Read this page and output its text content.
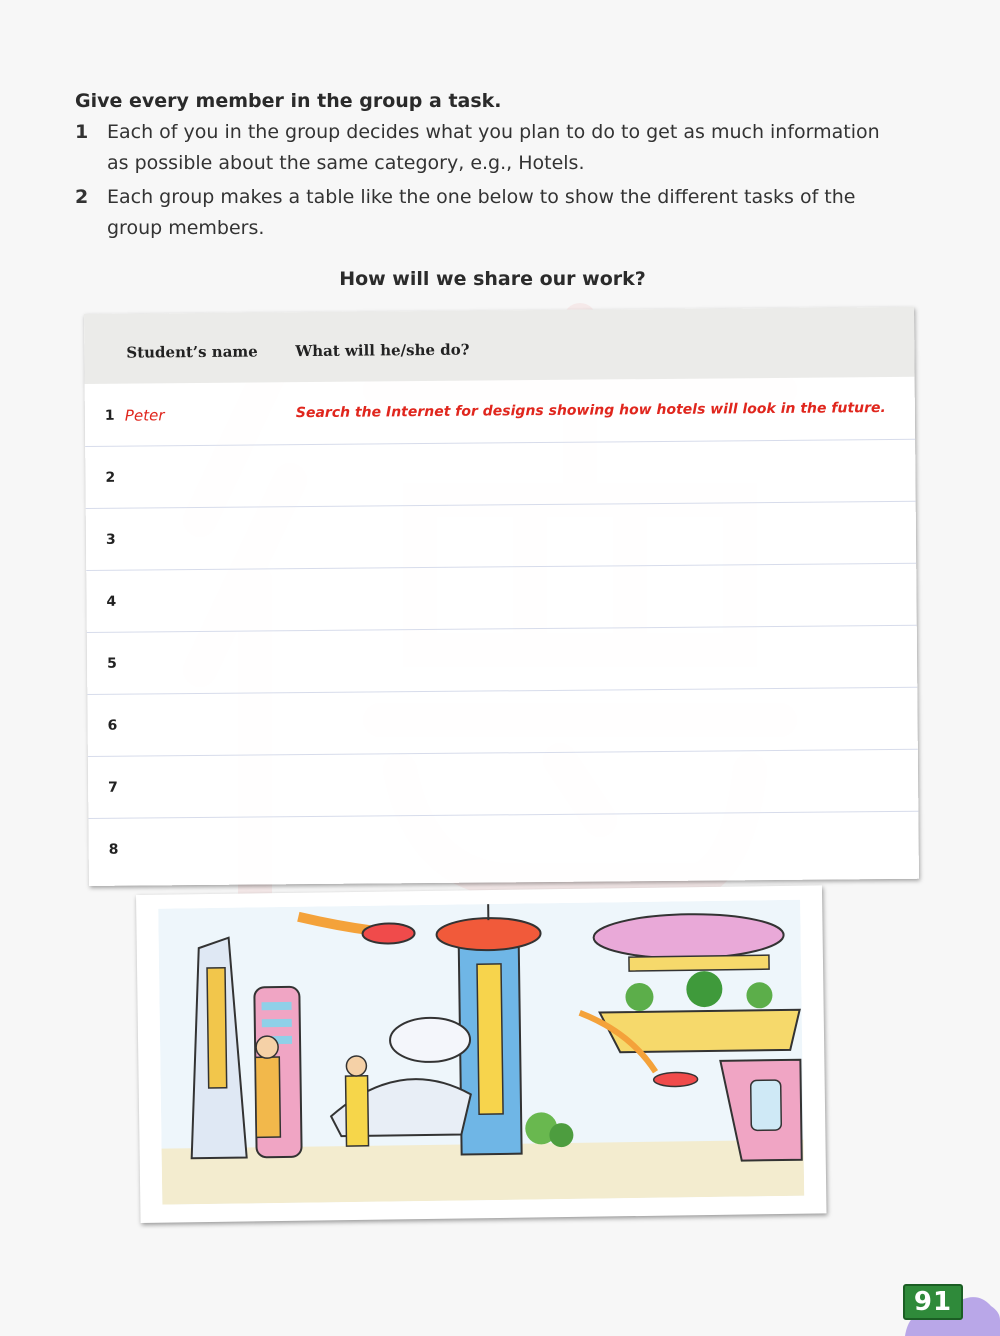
Give every member in the group a task.
1 Each of you in the group decides what you plan to do to get as much information
as possible about the same category, e.g., Hotels.
2 Each group makes a table like the one below to show the different tasks of the
group members.
How will we share our work?
Student’s name What will he/she do?
1 Peter	Search the Internet for designs showing how hotels will look in the future.
2
3
4
5
6
7
8
91
